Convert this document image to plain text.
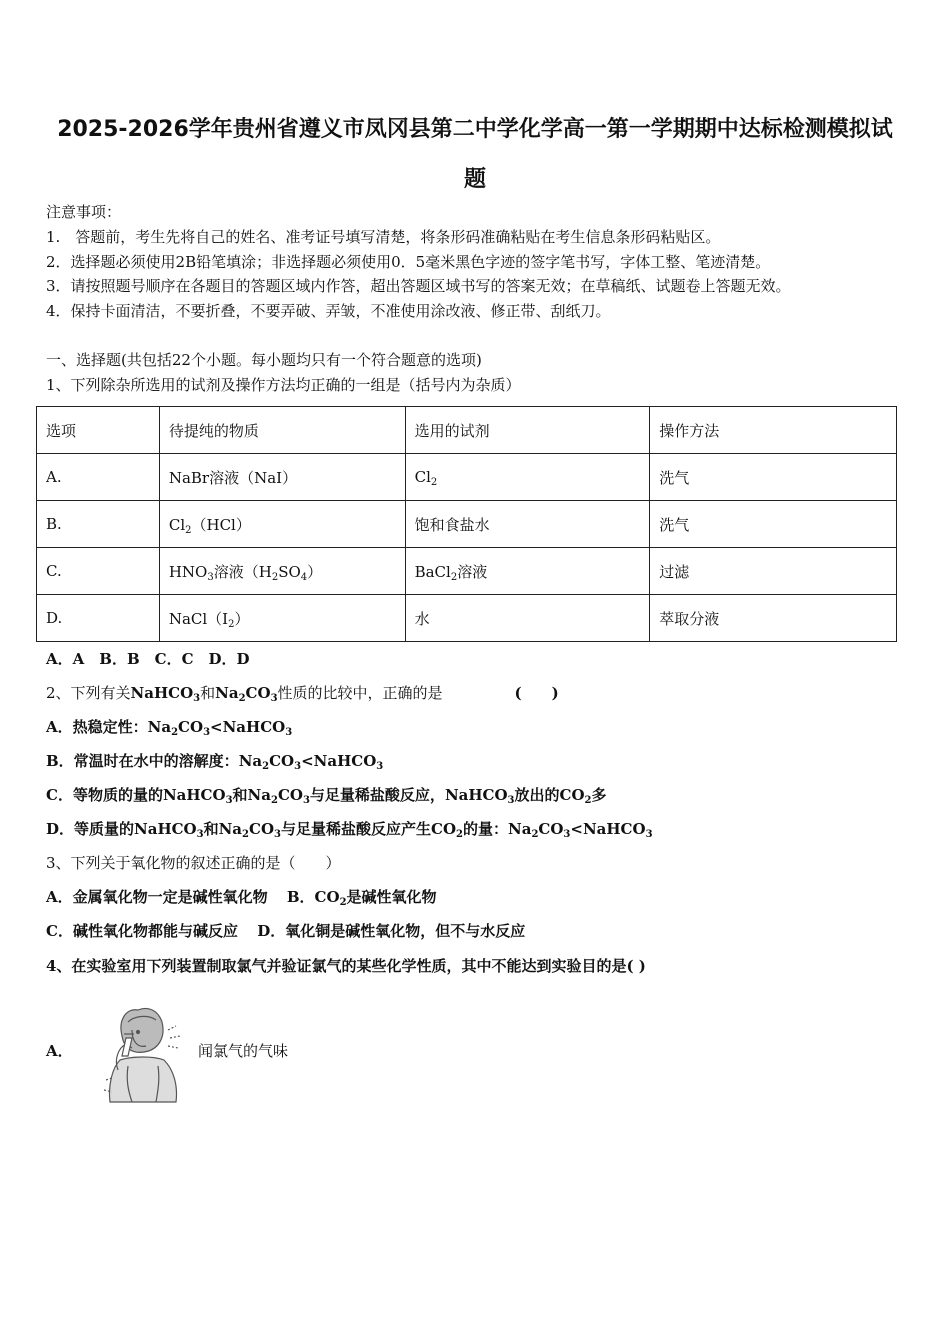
2025-2026学年贵州省遵义市凤冈县第二中学化学高一第一学期期中达标检测模拟试
题
注意事项：
1.　答题前，考生先将自己的姓名、准考证号填写清楚，将条形码准确粘贴在考生信息条形码粘贴区。
2．选择题必须使用2B铅笔填涂；非选择题必须使用0．5毫米黑色字迹的签字笔书写，字体工整、笔迹清楚。
3．请按照题号顺序在各题目的答题区域内作答，超出答题区域书写的答案无效；在草稿纸、试题卷上答题无效。
4．保持卡面清洁，不要折叠，不要弄破、弄皱，不准使用涂改液、修正带、刮纸刀。
一、选择题(共包括22个小题。每小题均只有一个符合题意的选项)
1、下列除杂所选用的试剂及操作方法均正确的一组是（括号内为杂质）
选项	待提纯的物质	选用的试剂	操作方法
A.	NaBr溶液（NaI）	$Cl_2$	洗气
B.	$Cl_2(HCl)$	饱和食盐水	洗气
C.	$HNO_3$溶液$(H_2SO_4)$	BaCl$_2$溶液	过滤
D.	$NaCl(I_2)$	水	萃取分液
A．A　B．B　C．C　D．D
2、下列有关NaHCO$_3$和$Na_2CO_3$性质的比较中，正确的是	(　　)
A．热稳定性：$Na_2CO_3<NaHCO_3$
B．常温时在水中的溶解度：$Na_2CO_3<NaHCO_3$
C．等物质的量的NaHCO$_3$和$Na_2CO_3$与足量稀盐酸反应，NaHCO$_3$放出的$CO_2$多
D．等质量的NaHCO$_3$和$Na_2CO_3$与足量稀盐酸反应产生$CO_2$的量：$Na_2CO_3<NaHCO_3$
3、下列关于氧化物的叙述正确的是（　　）
A．金属氧化物一定是碱性氧化物 B．$CO_2$是碱性氧化物
C．碱性氧化物都能与碱反应 D．氧化铜是碱性氧化物，但不与水反应
4、在实验室用下列装置制取氯气并验证氯气的某些化学性质，其中不能达到实验目的是( )
A．	闻氯气的气味
